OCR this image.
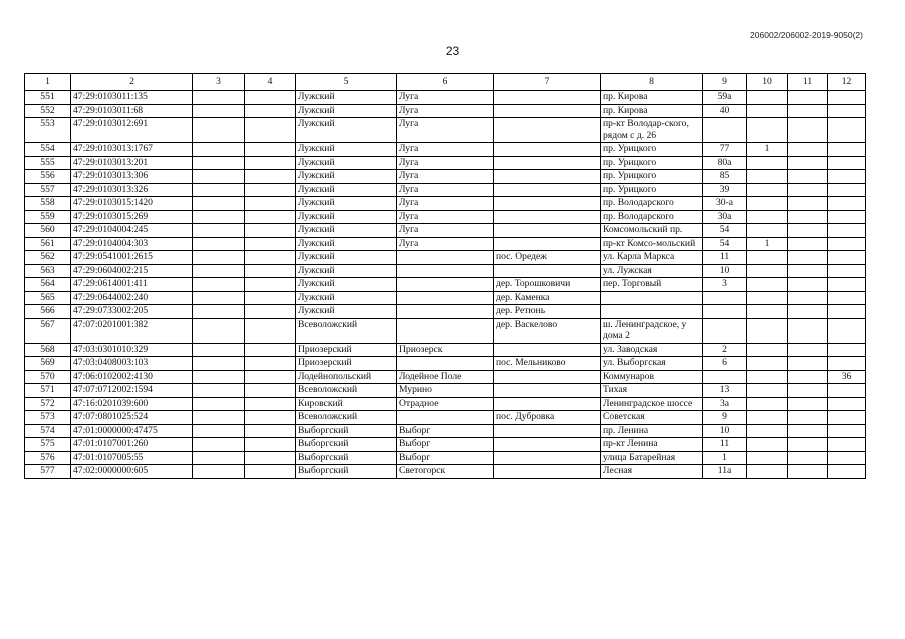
206002/206002-2019-9050(2)
23
1	2	3	4	5	6	7	8	9	10	11	12
551	47:29:0103011:135			Лужский	Луга		пр. Кирова	59а			
552	47:29:0103011:68			Лужский	Луга		пр. Кирова	40			
553	47:29:0103012:691			Лужский	Луга		пр-кт Володар-ского, рядом с д. 26				
554	47:29:0103013:1767			Лужский	Луга		пр. Урицкого	77	1		
555	47:29:0103013:201			Лужский	Луга		пр. Урицкого	80а			
556	47:29:0103013:306			Лужский	Луга		пр. Урицкого	85			
557	47:29:0103013:326			Лужский	Луга		пр. Урицкого	39			
558	47:29:0103015:1420			Лужский	Луга		пр. Володарского	30-а			
559	47:29:0103015:269			Лужский	Луга		пр. Володарского	30а			
560	47:29:0104004:245			Лужский	Луга		Комсомольский пр.	54			
561	47:29:0104004:303			Лужский	Луга		пр-кт Комсо-мольский	54	1		
562	47:29:0541001:2615			Лужский		пос. Оредеж	ул. Карла Маркса	11			
563	47:29:0604002:215			Лужский			ул. Лужская	10			
564	47:29:0614001:411			Лужский		дер. Торошковичи	пер. Торговый	3			
565	47:29:0644002:240			Лужский		дер. Каменка					
566	47:29:0733002:205			Лужский		дер. Ретюнь					
567	47:07:0201001:382			Всеволожский		дер. Васкелово	ш. Ленинградское, у дома 2				
568	47:03:0301010:329			Приозерский	Приозерск		ул. Заводская	2			
569	47:03:0408003:103			Приозерский		пос. Мельниково	ул. Выборгская	6			
570	47:06:0102002:4130			Лодейнопольский	Лодейное Поле		Коммунаров				36
571	47:07:0712002:1594			Всеволожский	Мурино		Тихая	13			
572	47:16:0201039:600			Кировский	Отрадное		Ленинградское шоссе	3а			
573	47:07:0801025:524			Всеволожский		пос. Дубровка	Советская	9			
574	47:01:0000000:47475			Выборгский	Выборг		пр. Ленина	10			
575	47:01:0107001:260			Выборгский	Выборг		пр-кт Ленина	11			
576	47:01:0107005:55			Выборгский	Выборг		улица Батарейная	1			
577	47:02:0000000:605			Выборгский	Светогорск		Лесная	11а			
